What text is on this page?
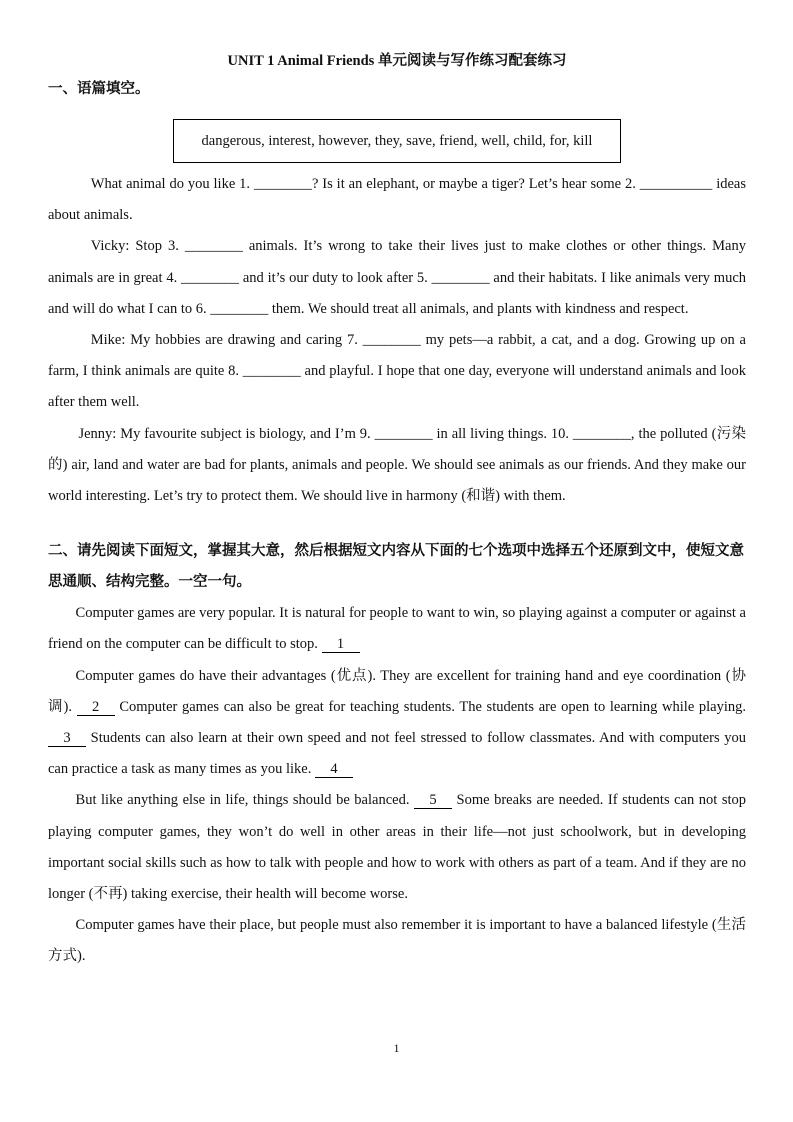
UNIT 1 Animal Friends 单元阅读与写作练习配套练习
一、语篇填空。
dangerous, interest, however, they, save, friend, well, child, for, kill

What animal do you like 1. ________? Is it an elephant, or maybe a tiger? Let’s hear some 2. __________ ideas about animals.

Vicky: Stop 3. ________ animals. It’s wrong to take their lives just to make clothes or other things. Many animals are in great 4. ________ and it’s our duty to look after 5. ________ and their habitats. I like animals very much and will do what I can to 6. ________ them. We should treat all animals, and plants with kindness and respect.

Mike: My hobbies are drawing and caring 7. ________ my pets—a rabbit, a cat, and a dog. Growing up on a farm, I think animals are quite 8. ________ and playful. I hope that one day, everyone will understand animals and look after them well.

Jenny: My favourite subject is biology, and I’m 9. ________ in all living things. 10. ________, the polluted (污染的) air, land and water are bad for plants, animals and people. We should see animals as our friends. And they make our world interesting. Let’s try to protect them. We should live in harmony (和谐) with them.

二、请先阅读下面短文，掌握其大意，然后根据短文内容从下面的七个选项中选择五个还原到文中，使短文意思通顺、结构完整。一空一句。

Computer games are very popular. It is natural for people to want to win, so playing against a computer or against a friend on the computer can be difficult to stop. 1

Computer games do have their advantages (优点). They are excellent for training hand and eye coordination (协调). 2 Computer games can also be great for teaching students. The students are open to learning while playing. 3 Students can also learn at their own speed and not feel stressed to follow classmates. And with computers you can practice a task as many times as you like. 4

But like anything else in life, things should be balanced. 5 Some breaks are needed. If students can not stop playing computer games, they won’t do well in other areas in their life—not just schoolwork, but in developing important social skills such as how to talk with people and how to work with others as part of a team. And if they are no longer (不再) taking exercise, their health will become worse.

Computer games have their place, but people must also remember it is important to have a balanced lifestyle (生活方式).

1
